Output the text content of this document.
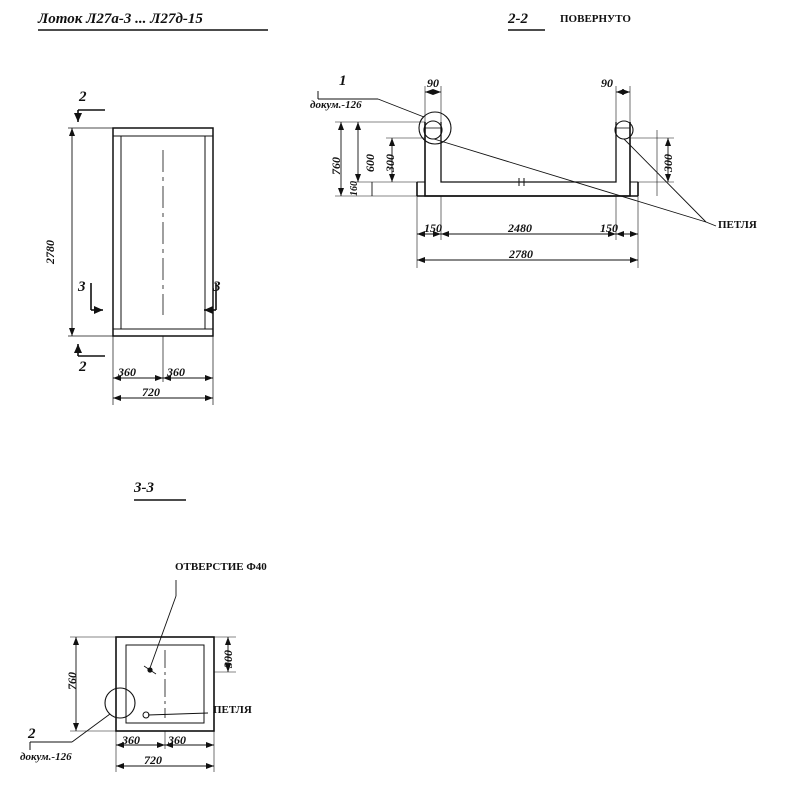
Лоток Л27а-3 ... Л27д-15
2780
2
2
3	3
360	360
720
2-2	ПОВЕРНУТО
1
докум.-126
90	90
760 600
160
300	300
150	2480	150
2780
ПЕТЛЯ
3-3
ОТВЕРСТИЕ Ф40
760
300
ПЕТЛЯ
2
докум.-126
360 360
720
